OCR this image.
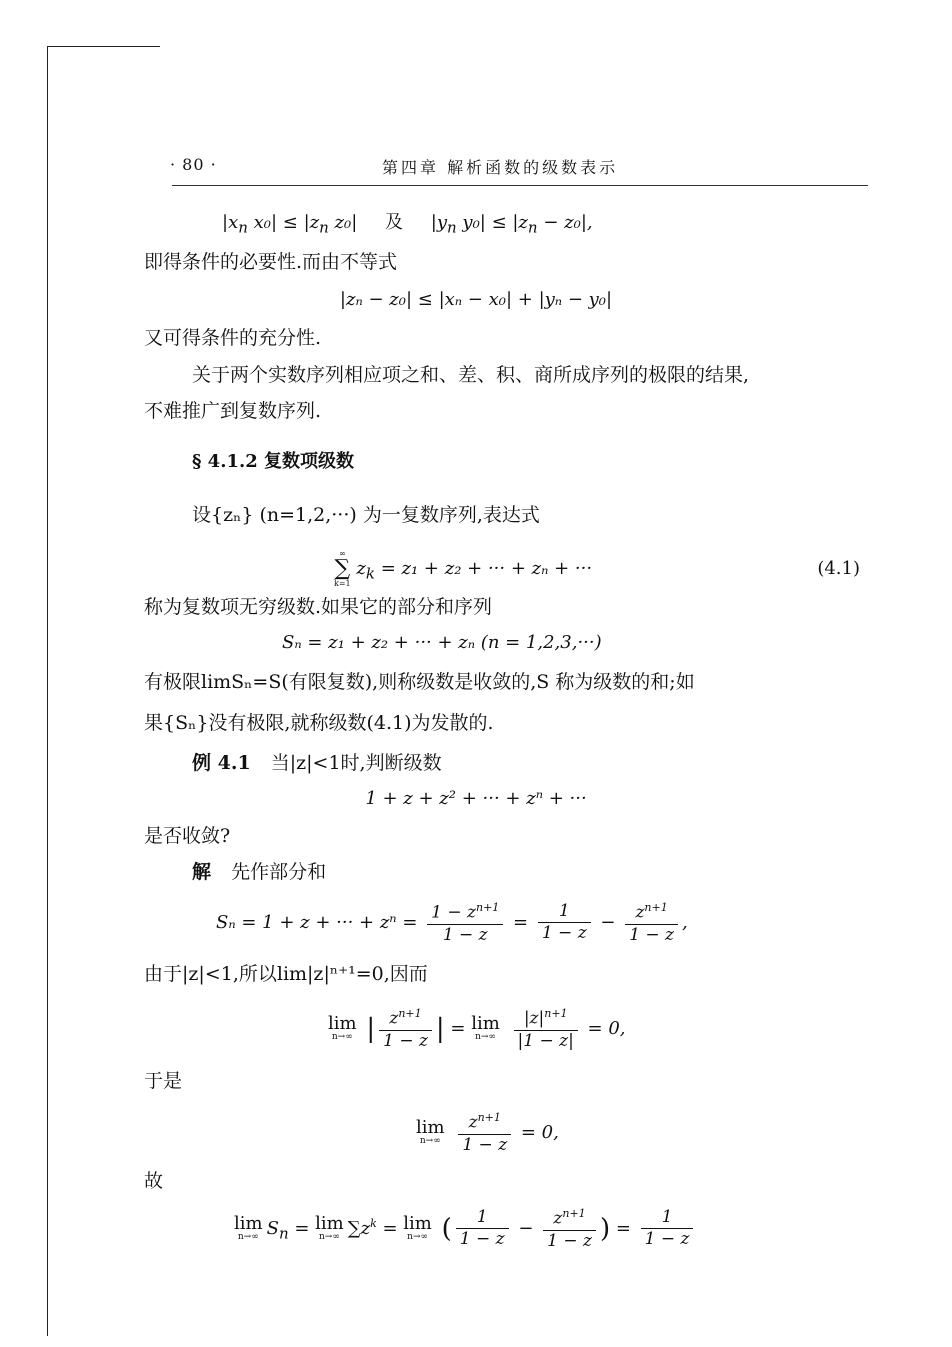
· 80 ·	第四章 解析函数的级数表示
$|x_n$ $x_0| \le |z_n$ z₀| 及 $|y_n$ $y_0| \le |z_n - z_0|$,
即得条件的必要性.而由不等式
|zₙ − z₀| ≤ |xₙ − x₀| + |yₙ − y₀|
又可得条件的充分性.
关于两个实数序列相应项之和、差、积、商所成序列的极限的结果,
不难推广到复数序列.
§ 4.1.2 复数项级数
设{zₙ} (n=1,2,···) 为一复数序列,表达式
∞
∑
k=1
$z_k = z_1 + z_2$ + ··· + zₙ + ···	(4.1)
称为复数项无穷级数.如果它的部分和序列
Sₙ = z₁ + z₂ + ··· + zₙ (n = 1,2,3,···)
有极限limSₙ=S(有限复数),则称级数是收敛的,S 称为级数的和;如
果{Sₙ}没有极限,就称级数(4.1)为发散的.
例 4.1 当|z|<1时,判断级数
1 + z + z² + ··· + zⁿ + ···
是否收敛?
解 先作部分和
Sₙ = 1 + z + ··· + $z^n = \frac{1 - z^{n+1}}{1 - z} = \frac{1}{1 - z} - \frac{z^{n+1}}{1 - z}$ ,
由于|z|<1,所以lim|z|ⁿ⁺¹=0,因而
lim
n→∞ | $\frac{z^{n+1}}{1 - z}$ | = lim
n→∞
$\frac{|z|^{n+1}}{|1 - z|} = 0$,
于是
lim
n→∞
$\frac{z^{n+1}}{1 - z} = 0$,
故
lim
n→∞ $S_n = \lim$
n→∞ $\sum z^k = \lim$
n→∞ ( $\frac{1}{1 - z} - \frac{z^{n+1}}{1 - z}$ ) = $\frac{1}{1 - z}$
